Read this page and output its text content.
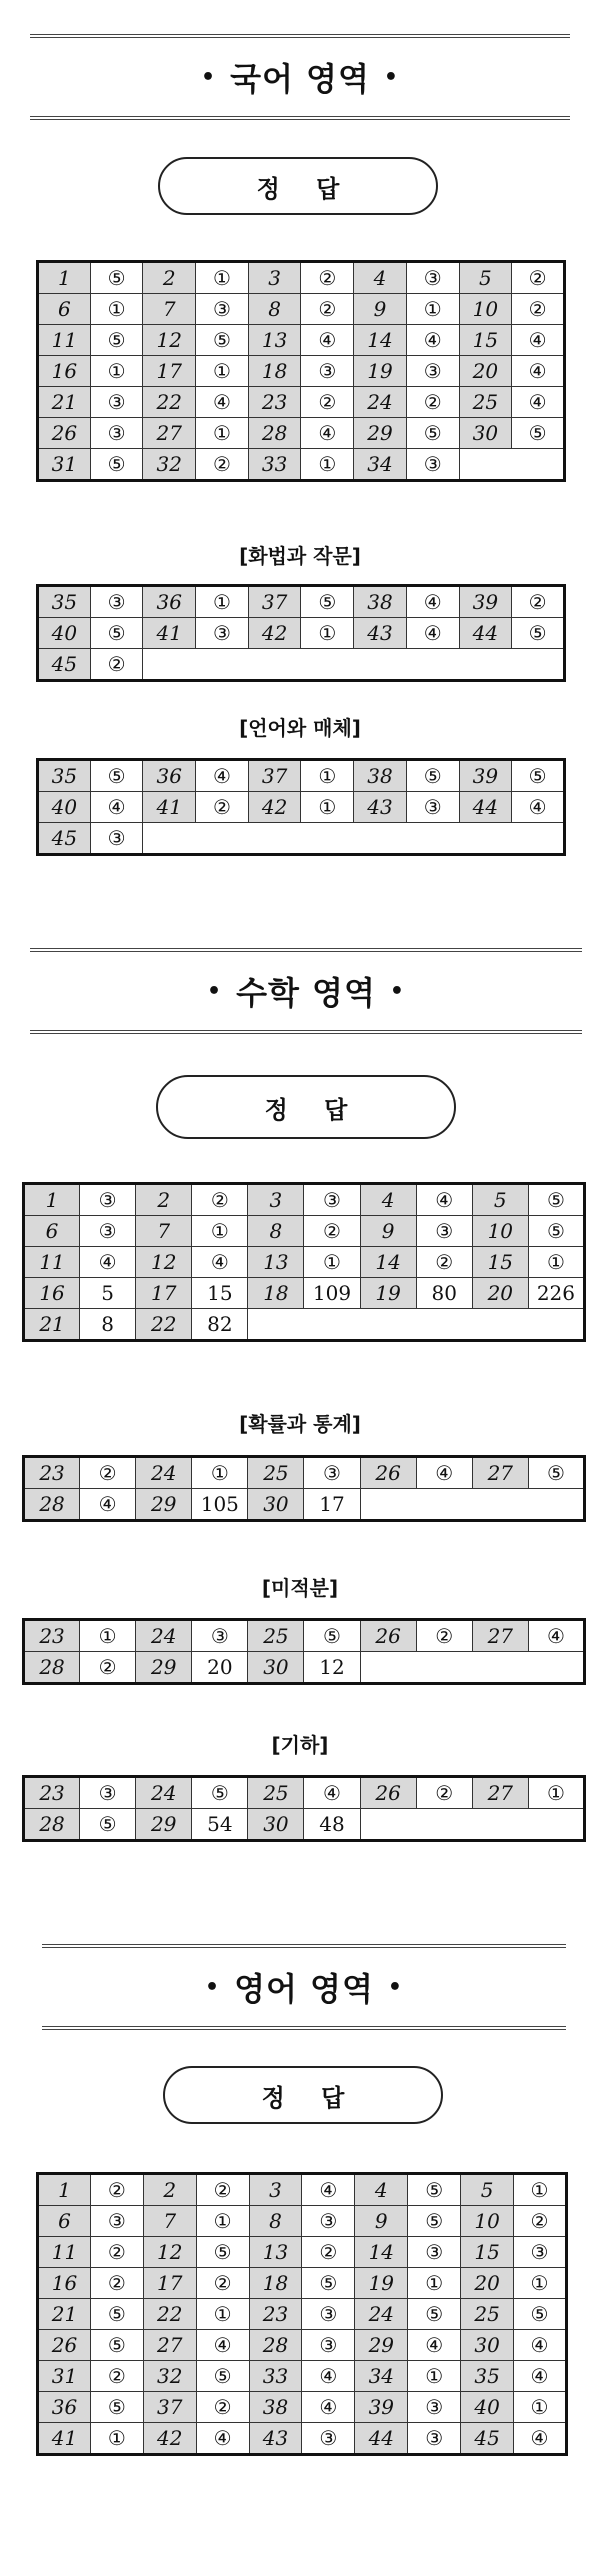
• 국어 영역 •
정 답
1	⑤	2	①	3	②	4	③	5	②
6	①	7	③	8	②	9	①	10	②
11	⑤	12	⑤	13	④	14	④	15	④
16	①	17	①	18	③	19	③	20	④
21	③	22	④	23	②	24	②	25	④
26	③	27	①	28	④	29	⑤	30	⑤
31	⑤	32	②	33	①	34	③		
[화법과 작문]
35	③	36	①	37	⑤	38	④	39	②
40	⑤	41	③	42	①	43	④	44	⑤
45	②								
[언어와 매체]
35	⑤	36	④	37	①	38	⑤	39	⑤
40	④	41	②	42	①	43	③	44	④
45	③								
• 수학 영역 •
정 답
1	③	2	②	3	③	4	④	5	⑤
6	③	7	①	8	②	9	③	10	⑤
11	④	12	④	13	①	14	②	15	①
16	5	17	15	18	109	19	80	20	226
21	8	22	82						
[확률과 통계]
23	②	24	①	25	③	26	④	27	⑤
28	④	29	105	30	17				
[미적분]
23	①	24	③	25	⑤	26	②	27	④
28	②	29	20	30	12				
[기하]
23	③	24	⑤	25	④	26	②	27	①
28	⑤	29	54	30	48				
• 영어 영역 •
정 답
1	②	2	②	3	④	4	⑤	5	①
6	③	7	①	8	③	9	⑤	10	②
11	②	12	⑤	13	②	14	③	15	③
16	②	17	②	18	⑤	19	①	20	①
21	⑤	22	①	23	③	24	⑤	25	⑤
26	⑤	27	④	28	③	29	④	30	④
31	②	32	⑤	33	④	34	①	35	④
36	⑤	37	②	38	④	39	③	40	①
41	①	42	④	43	③	44	③	45	④
